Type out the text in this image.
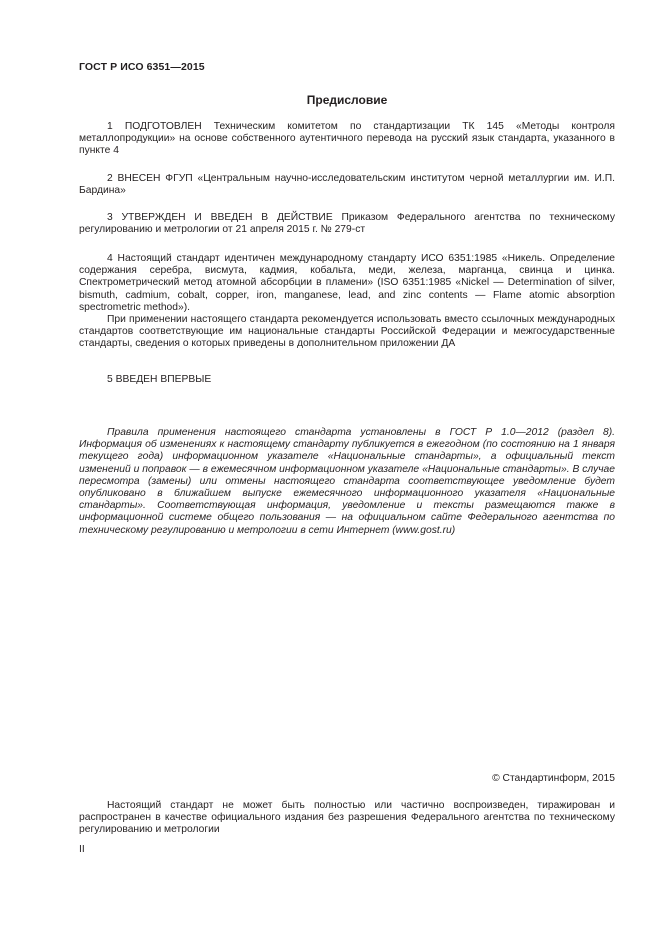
ГОСТ Р ИСО 6351—2015
Предисловие

1 ПОДГОТОВЛЕН Техническим комитетом по стандартизации ТК 145 «Методы контроля металлопродукции» на основе собственного аутентичного перевода на русский язык стандарта, указанного в пункте 4

2 ВНЕСЕН ФГУП «Центральным научно-исследовательским институтом черной металлургии им. И.П. Бардина»

3 УТВЕРЖДЕН И ВВЕДЕН В ДЕЙСТВИЕ Приказом Федерального агентства по техническому регулированию и метрологии от 21 апреля 2015 г. № 279-ст

4 Настоящий стандарт идентичен международному стандарту ИСО 6351:1985 «Никель. Определение содержания серебра, висмута, кадмия, кобальта, меди, железа, марганца, свинца и цинка. Спектрометрический метод атомной абсорбции в пламени» (ISO 6351:1985 «Nickel — Determination of silver, bismuth, cadmium, cobalt, copper, iron, manganese, lead, and zinc contents — Flame atomic absorption spectrometric method»).

При применении настоящего стандарта рекомендуется использовать вместо ссылочных международных стандартов соответствующие им национальные стандарты Российской Федерации и межгосударственные стандарты, сведения о которых приведены в дополнительном приложении ДА

5 ВВЕДЕН ВПЕРВЫЕ

Правила применения настоящего стандарта установлены в ГОСТ Р 1.0—2012 (раздел 8). Информация об изменениях к настоящему стандарту публикуется в ежегодном (по состоянию на 1 января текущего года) информационном указателе «Национальные стандарты», а официальный текст изменений и поправок — в ежемесячном информационном указателе «Национальные стандарты». В случае пересмотра (замены) или отмены настоящего стандарта соответствующее уведомление будет опубликовано в ближайшем выпуске ежемесячного информационного указателя «Национальные стандарты». Соответствующая информация, уведомление и тексты размещаются также в информационной системе общего пользования — на официальном сайте Федерального агентства по техническому регулированию и метрологии в сети Интернет (www.gost.ru)

© Стандартинформ, 2015

Настоящий стандарт не может быть полностью или частично воспроизведен, тиражирован и распространен в качестве официального издания без разрешения Федерального агентства по техническому регулированию и метрологии

II
